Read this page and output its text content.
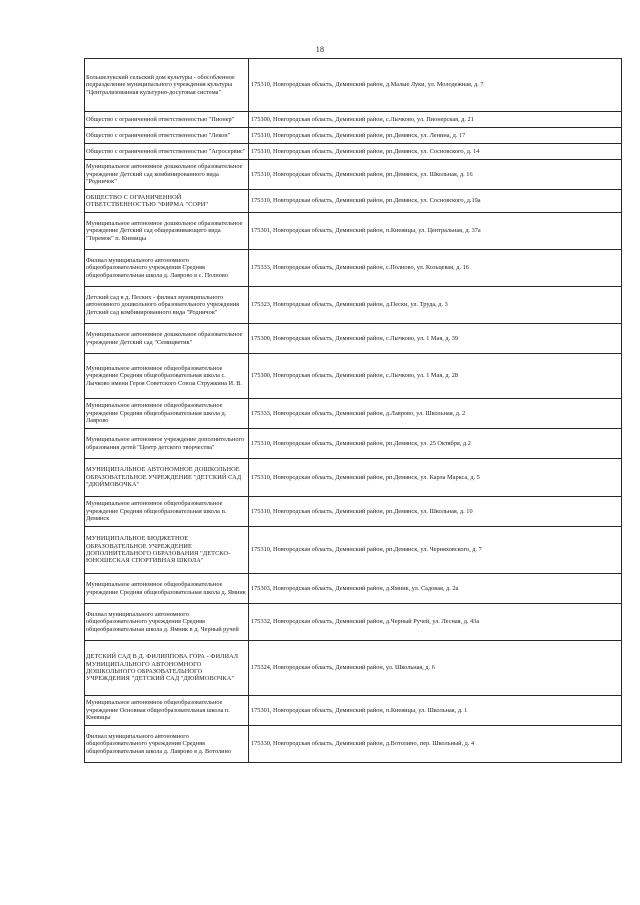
18
Большелукский сельский дом культуры - обособленное подразделение муниципального учреждения культуры "Централизованная культурно-досуговая система"	175310, Новгородская область, Демянский район, д.Малые Луки, ул. Молодежная, д. 7
Общество с ограниченной ответственностью "Пионер"	175300, Новгородская область, Демянский район, с.Лычково, ул. Пионерская, д. 21
Общество с ограниченной ответственностью "Лекон"	175310, Новгородская область, Демянский район, рп.Демянск, ул. Ленина, д. 17
Общество с ограниченной ответственностью "Агросервис"	175310, Новгородская область, Демянский район, рп.Демянск, ул. Сосновского, д. 14
Муниципальное автономное дошкольное образовательное учреждение Детский сад комбинированного вида "Родничок"	175310, Новгородская область, Демянский район, рп.Демянск, ул. Школьная, д. 16
ОБЩЕСТВО С ОГРАНИЧЕННОЙ ОТВЕТСТВЕННОСТЬЮ "ФИРМА "СОРИ"	175310, Новгородская область, Демянский район, рп.Демянск, ул. Сосновского, д.19а
Муниципальное автономное дошкольное образовательное учреждение Детский сад общеразвивающего вида "Теремок" п. Кневицы	175301, Новгородская область, Демянский район, п.Кневицы, ул. Центральная, д. 37а
Филиал муниципального автономного общеобразовательного учреждения Средняя общеобразовательная школа д. Лаврово в с. Полново	175333, Новгородская область, Демянский район, с.Полново, ул. Козьцевая, д. 16
Детский сад в д. Песких - филиал муниципального автономного дошкольного образовательного учреждения Детский сад комбинированного вида "Родничок"	175323, Новгородская область, Демянский район, д.Пески, ул. Труда, д. 3
Муниципальное автономное дошкольное образовательное учреждение Детский сад "Семицветик"	175300, Новгородская область, Демянский район, с.Лычково, ул. 1 Мая, д. 39
Муниципальное автономное общеобразовательное учреждение Средняя общеобразовательная школа с. Лычково имени Героя Советского Союза Стружкина И. В.	175300, Новгородская область, Демянский район, с.Лычково, ул. 1 Мая, д. 28
Муниципальное автономное общеобразовательное учреждение Средняя общеобразовательная школа д. Лаврово	175333, Новгородская область, Демянский район, д.Лаврово, ул. Школьная, д. 2
Муниципальное автономное учреждение дополнительного образования детей "Центр детского творчества"	175310, Новгородская область, Демянский район, рп.Демянск, ул. 25 Октября, д.2
МУНИЦИПАЛЬНОЕ АВТОНОМНОЕ ДОШКОЛЬНОЕ ОБРАЗОВАТЕЛЬНОЕ УЧРЕЖДЕНИЕ "ДЕТСКИЙ САД "ДЮЙМОВОЧКА"	175310, Новгородская область, Демянский район, рп.Демянск, ул. Карла Маркса, д. 5
Муниципальное автономное общеобразовательное учреждение Средняя общеобразовательная школа п. Демянск	175310, Новгородская область, Демянский район, рп.Демянск, ул. Школьная, д. 10
МУНИЦИПАЛЬНОЕ БЮДЖЕТНОЕ ОБРАЗОВАТЕЛЬНОЕ УЧРЕЖДЕНИЕ ДОПОЛНИТЕЛЬНОГО ОБРАЗОВАНИЯ "ДЕТСКО-ЮНОШЕСКАЯ СПОРТИВНАЯ ШКОЛА"	175310, Новгородская область, Демянский район, рп.Демянск, ул. Черняховского, д. 7
Муниципальное автономное общеобразовательное учреждение Средняя общеобразовательная школа д. Ямник	175303, Новгородская область, Демянский район, д.Ямник, ул. Садовая, д. 2а
Филиал муниципального автономного общеобразовательного учреждения Средняя общеобразовательная школа д. Ямник в д. Черный ручей	175332, Новгородская область, Демянский район, д.Черный Ручей, ул. Лесная, д. 43а
ДЕТСКИЙ САД В Д. ФИЛИППОВА ГОРА - ФИЛИАЛ МУНИЦИПАЛЬНОГО АВТОНОМНОГО ДОШКОЛЬНОГО ОБРАЗОВАТЕЛЬНОГО УЧРЕЖДЕНИЯ "ДЕТСКИЙ САД "ДЮЙМОВОЧКА"	175324, Новгородская область, Демянский район, ул. Школьная, д. 6
Муниципальное автономное общеобразовательное учреждение Основная общеобразовательная школа п. Кневицы	175301, Новгородская область, Демянский район, п.Кневицы, ул. Школьная, д. 1
Филиал муниципального автономного общеобразовательного учреждения Средняя общеобразовательная школа д. Лаврово в д. Вотолино	175330, Новгородская область, Демянский район, д.Вотолино, пер. Школьный, д. 4
